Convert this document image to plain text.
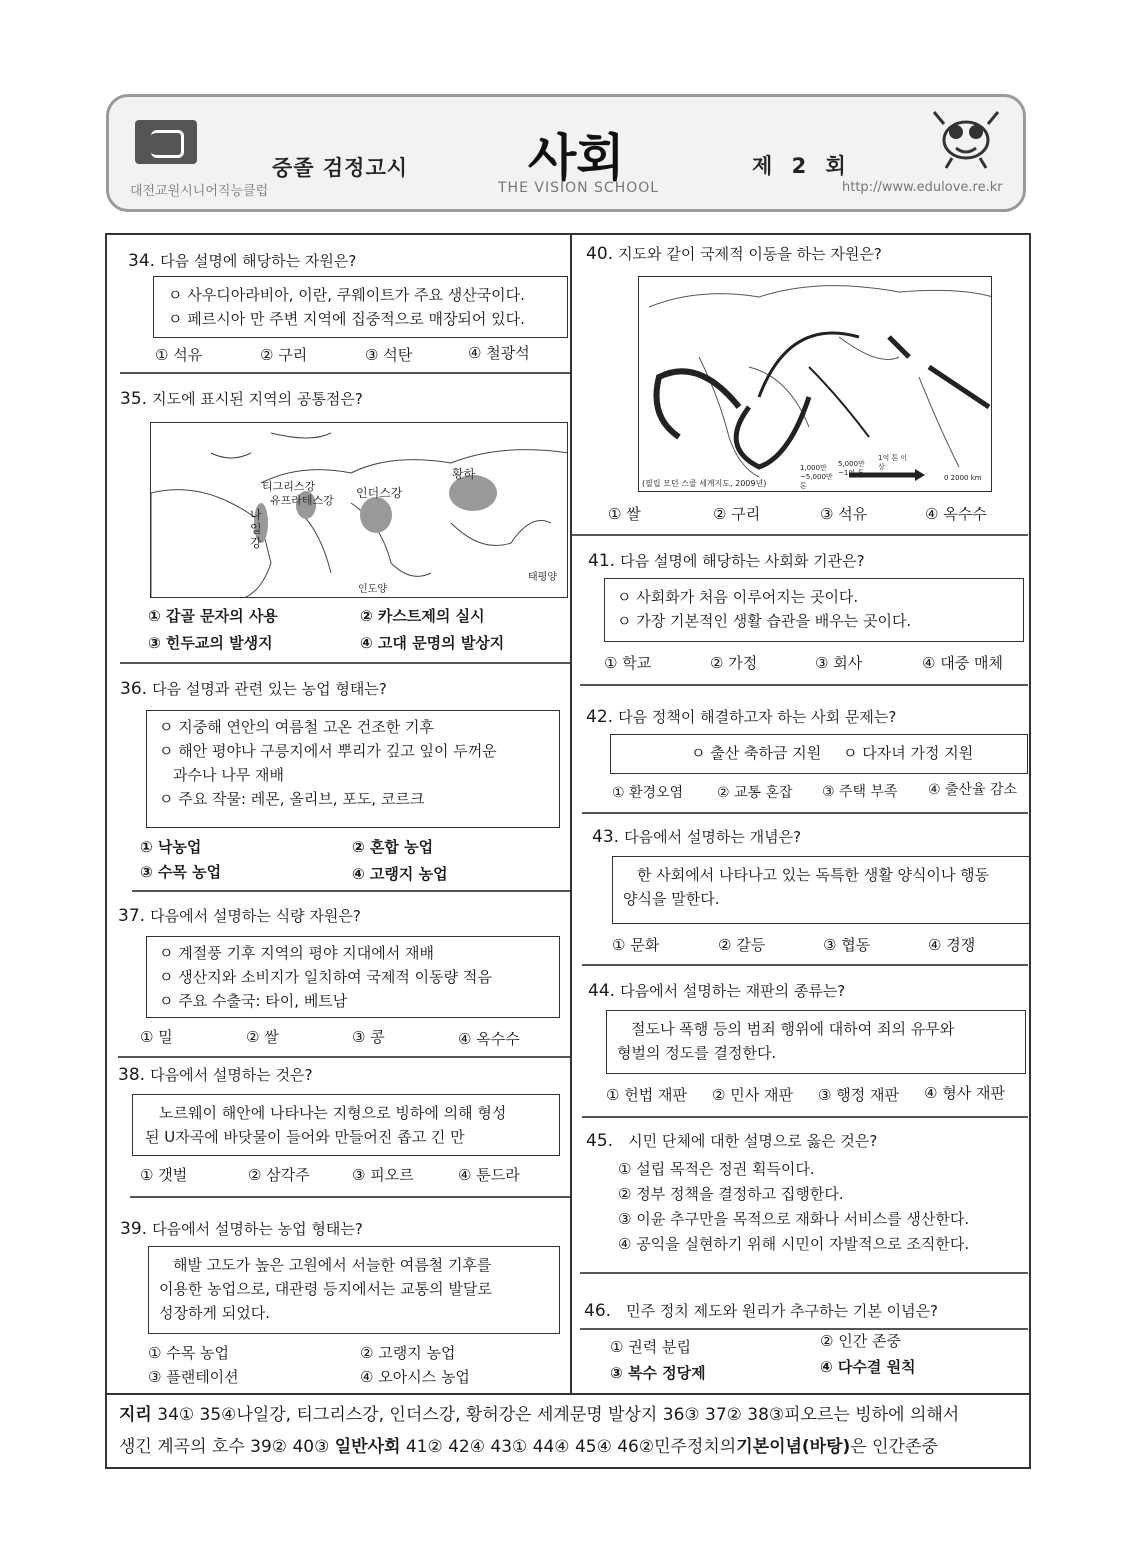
대전교원시니어직능클럽
중졸 검정고시 사회
THE VISION SCHOOL
제 2 회
http://www.edulove.re.kr
34. 다음 설명에 해당하는 자원은?
ㅇ 사우디아라비아, 이란, 쿠웨이트가 주요 생산국이다.
ㅇ 페르시아 만 주변 지역에 집중적으로 매장되어 있다.
① 석유	② 구리	③ 석탄	④ 철광석
35. 지도에 표시된 지역의 공통점은?
나일강
티그리스강
유프라테스강
인더스강
황하
인도양
태평양
① 갑골 문자의 사용	② 카스트제의 실시
③ 힌두교의 발생지	④ 고대 문명의 발상지
36. 다음 설명과 관련 있는 농업 형태는?
ㅇ 지중해 연안의 여름철 고온 건조한 기후
ㅇ 해안 평야나 구릉지에서 뿌리가 깊고 잎이 두꺼운
과수나 나무 재배
ㅇ 주요 작물: 레몬, 올리브, 포도, 코르크
① 낙농업	② 혼합 농업
③ 수목 농업	④ 고랭지 농업
37. 다음에서 설명하는 식량 자원은?
ㅇ 계절풍 기후 지역의 평야 지대에서 재배
ㅇ 생산지와 소비지가 일치하여 국제적 이동량 적음
ㅇ 주요 수출국: 타이, 베트남
① 밀	② 쌀	③ 콩	④ 옥수수
38. 다음에서 설명하는 것은?
노르웨이 해안에 나타나는 지형으로 빙하에 의해 형성
된 U자곡에 바닷물이 들어와 만들어진 좁고 긴 만
① 갯벌	② 삼각주	③ 피오르	④ 툰드라
39. 다음에서 설명하는 농업 형태는?
해발 고도가 높은 고원에서 서늘한 여름철 기후를
이용한 농업으로, 대관령 등지에서는 교통의 발달로
성장하게 되었다.
① 수목 농업	② 고랭지 농업
③ 플랜테이션	④ 오아시스 농업
40. 지도와 같이 국제적 이동을 하는 자원은?
(필립 모던 스쿨 세계지도, 2009년)
1,000만~5,000만 톤
5,000만~1억 톤
1억 톤 이상
0 2000 km
① 쌀	② 구리	③ 석유	④ 옥수수
41. 다음 설명에 해당하는 사회화 기관은?
ㅇ 사회화가 처음 이루어지는 곳이다.
ㅇ 가장 기본적인 생활 습관을 배우는 곳이다.
① 학교	② 가정	③ 회사	④ 대중 매체
42. 다음 정책이 해결하고자 하는 사회 문제는?
ㅇ 출산 축하금 지원 ㅇ 다자녀 가정 지원
① 환경오염 ② 교통 혼잡 ③ 주택 부족 ④ 출산율 감소
43. 다음에서 설명하는 개념은?
한 사회에서 나타나고 있는 독특한 생활 양식이나 행동
양식을 말한다.
① 문화	② 갈등	③ 협동	④ 경쟁
44. 다음에서 설명하는 재판의 종류는?
절도나 폭행 등의 범죄 행위에 대하여 죄의 유무와
형벌의 정도를 결정한다.
① 헌법 재판 ② 민사 재판 ③ 행정 재판 ④ 형사 재판
45. 시민 단체에 대한 설명으로 옳은 것은?
① 설립 목적은 정권 획득이다.
② 정부 정책을 결정하고 집행한다.
③ 이윤 추구만을 목적으로 재화나 서비스를 생산한다.
④ 공익을 실현하기 위해 시민이 자발적으로 조직한다.
46. 민주 정치 제도와 원리가 추구하는 기본 이념은?
① 권력 분립	② 인간 존중
③ 복수 정당제	④ 다수결 원칙
지리 34① 35④나일강, 티그리스강, 인더스강, 황허강은 세계문명 발상지 36③ 37② 38③피오르는 빙하에 의해서
생긴 계곡의 호수 39② 40③ 일반사회 41② 42④ 43① 44④ 45④ 46②민주정치의기본이념(바탕)은 인간존중
